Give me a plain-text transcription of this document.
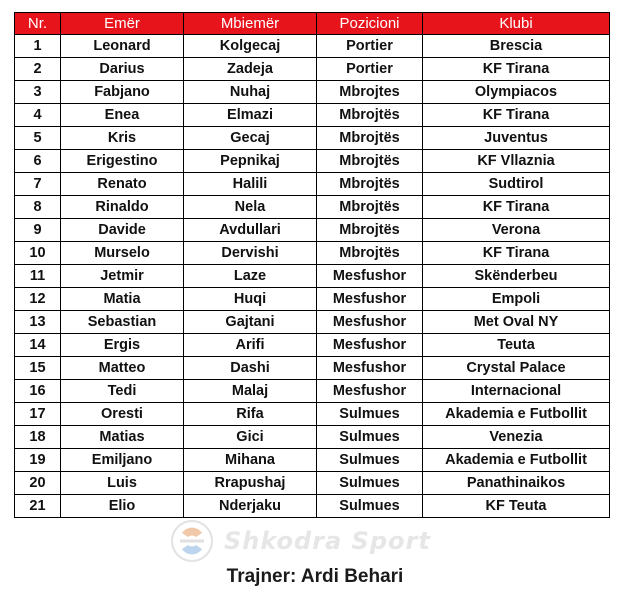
Nr.	Emër	Mbiemër	Pozicioni	Klubi
1	Leonard	Kolgecaj	Portier	Brescia
2	Darius	Zadeja	Portier	KF Tirana
3	Fabjano	Nuhaj	Mbrojtes	Olympiacos
4	Enea	Elmazi	Mbrojtës	KF Tirana
5	Kris	Gecaj	Mbrojtës	Juventus
6	Erigestino	Pepnikaj	Mbrojtës	KF Vllaznia
7	Renato	Halili	Mbrojtës	Sudtirol
8	Rinaldo	Nela	Mbrojtës	KF Tirana
9	Davide	Avdullari	Mbrojtës	Verona
10	Murselo	Dervishi	Mbrojtës	KF Tirana
11	Jetmir	Laze	Mesfushor	Skënderbeu
12	Matia	Huqi	Mesfushor	Empoli
13	Sebastian	Gajtani	Mesfushor	Met Oval NY
14	Ergis	Arifi	Mesfushor	Teuta
15	Matteo	Dashi	Mesfushor	Crystal Palace
16	Tedi	Malaj	Mesfushor	Internacional
17	Oresti	Rifa	Sulmues	Akademia e Futbollit
18	Matias	Gici	Sulmues	Venezia
19	Emiljano	Mihana	Sulmues	Akademia e Futbollit
20	Luis	Rrapushaj	Sulmues	Panathinaikos
21	Elio	Nderjaku	Sulmues	KF Teuta
Shkodra Sport
Trajner: Ardi Behari
